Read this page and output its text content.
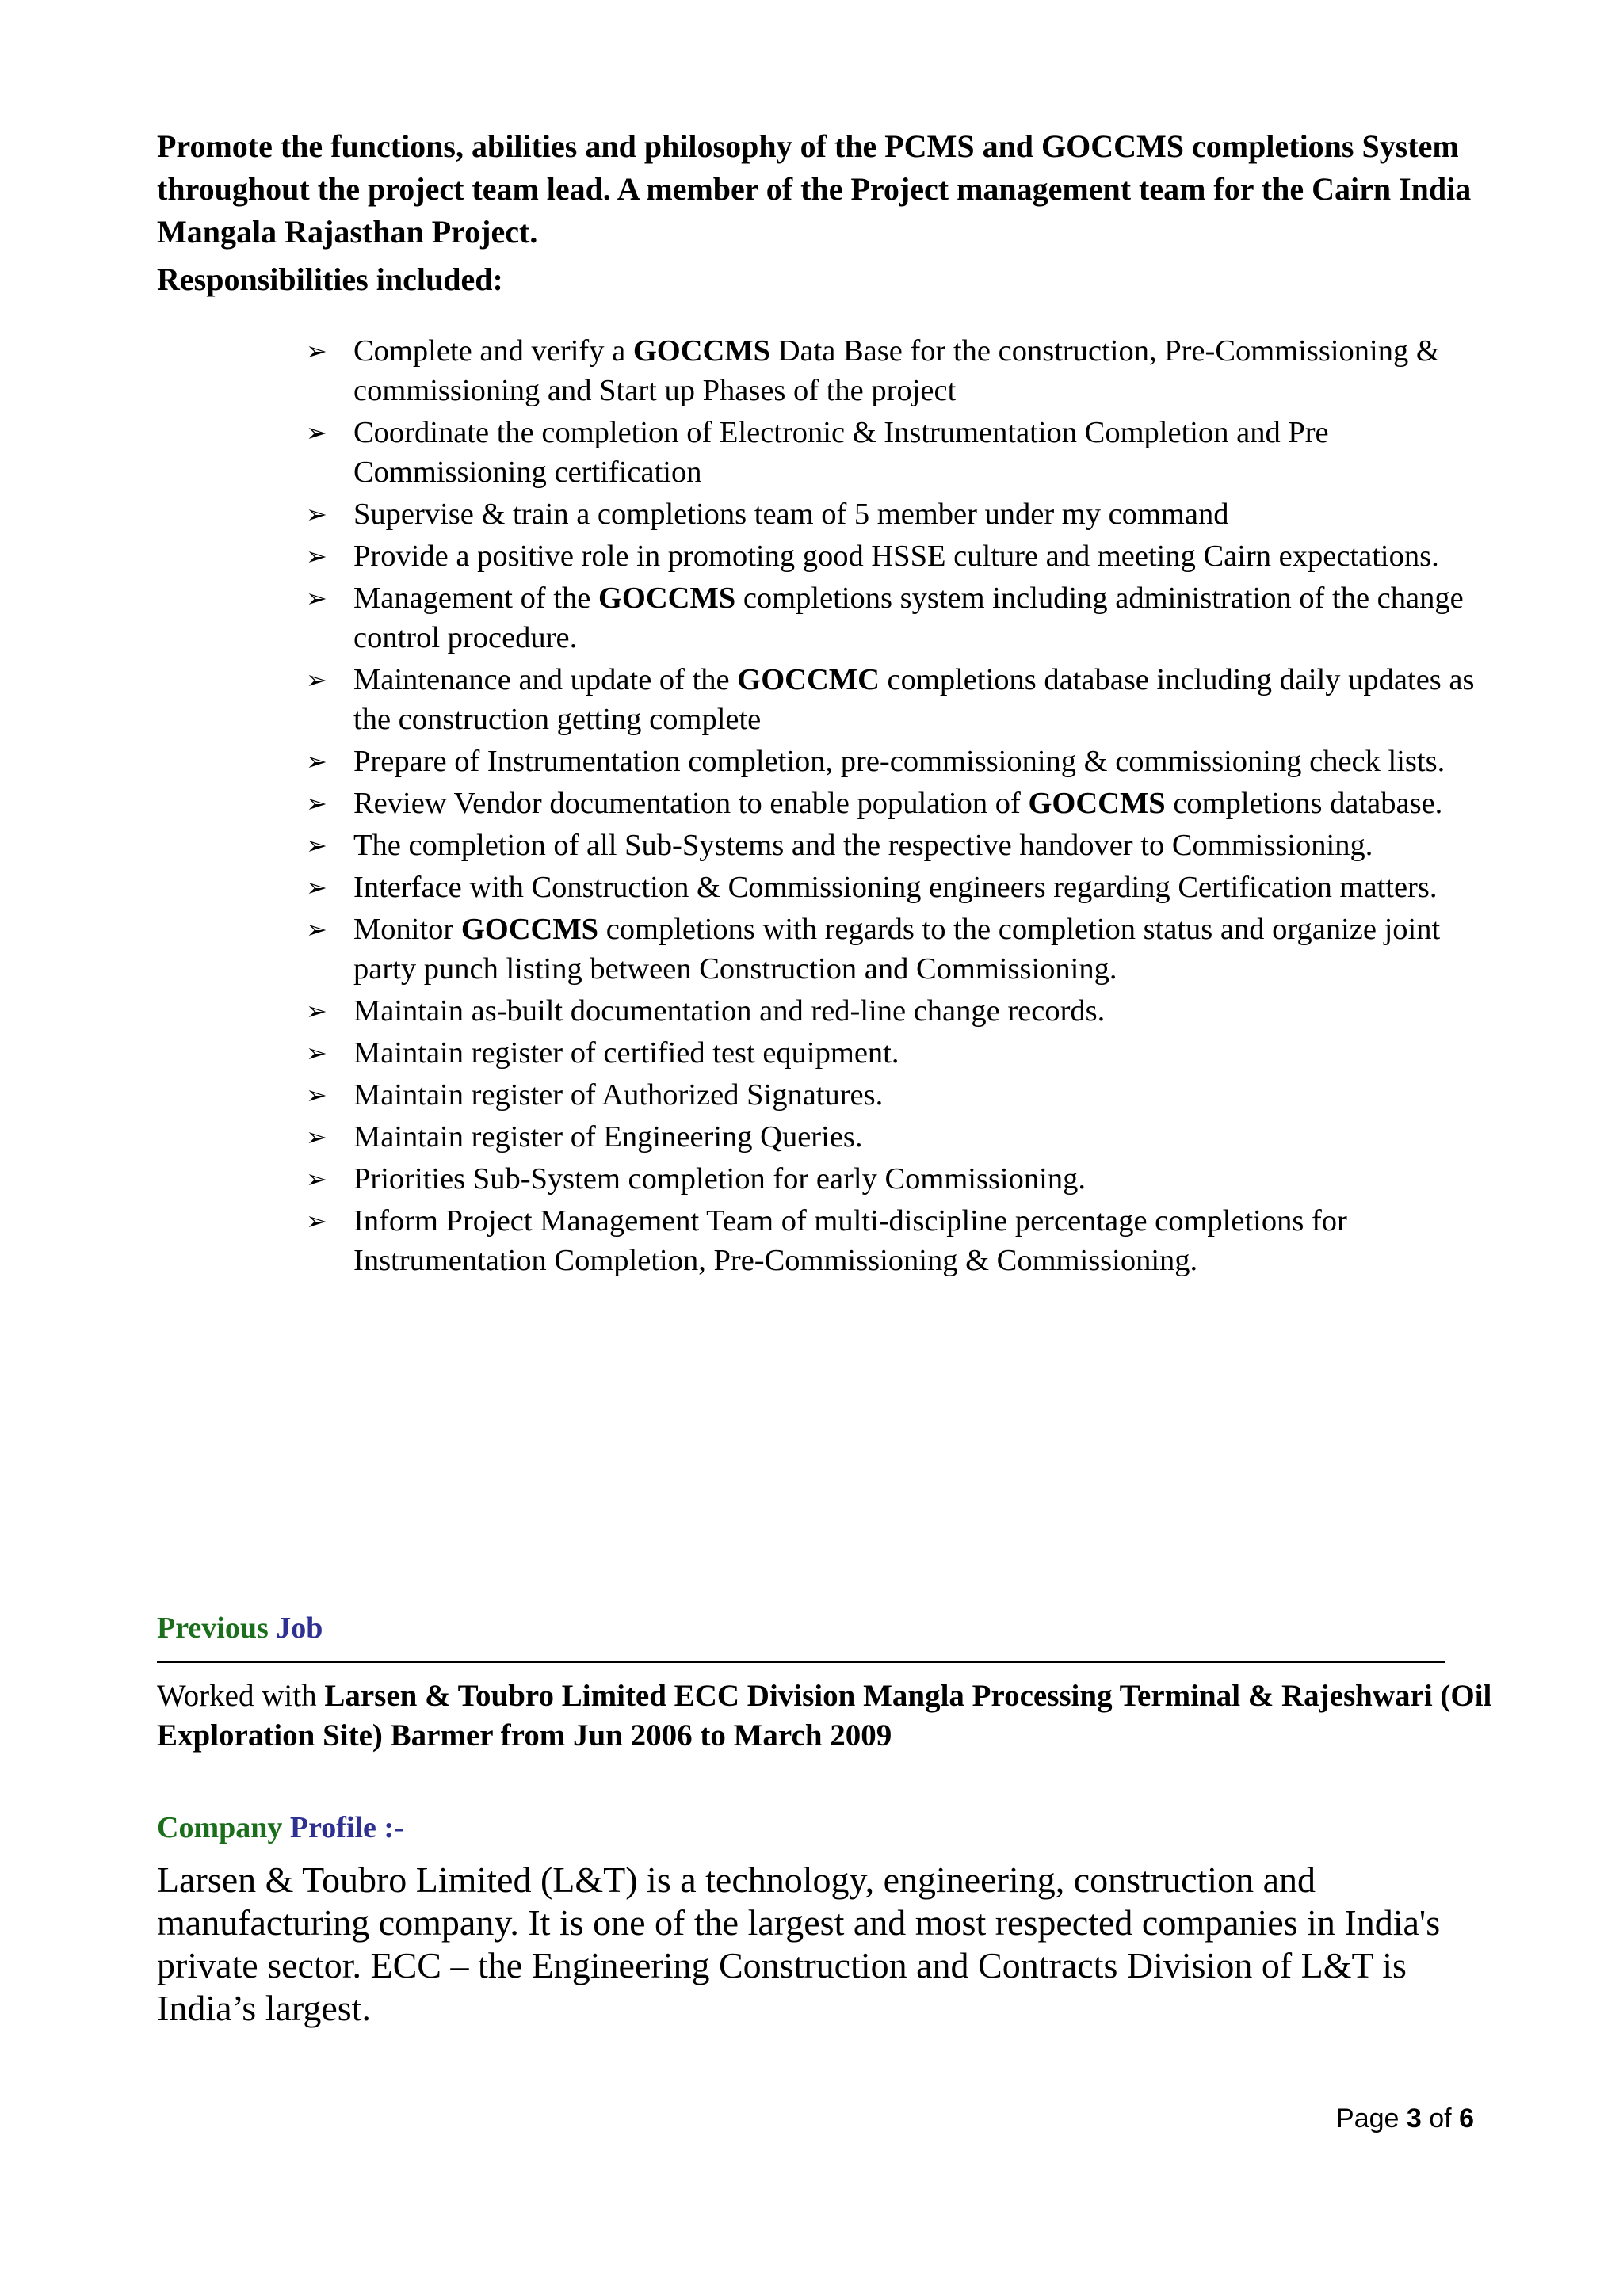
Promote the functions, abilities and philosophy of the PCMS and GOCCMS completions System throughout the project team lead. A member of the Project management team for the Cairn India Mangala Rajasthan Project.
Responsibilities included:
➢ Complete and verify a GOCCMS Data Base for the construction, Pre-Commissioning & commissioning and Start up Phases of the project
➢ Coordinate the completion of Electronic & Instrumentation Completion and Pre Commissioning certification
➢ Supervise & train a completions team of 5 member under my command
➢ Provide a positive role in promoting good HSSE culture and meeting Cairn expectations.
➢ Management of the GOCCMS completions system including administration of the change control procedure.
➢ Maintenance and update of the GOCCMC completions database including daily updates as the construction getting complete
➢ Prepare of Instrumentation completion, pre-commissioning & commissioning check lists.
➢ Review Vendor documentation to enable population of GOCCMS completions database.
➢ The completion of all Sub-Systems and the respective handover to Commissioning.
➢ Interface with Construction & Commissioning engineers regarding Certification matters.
➢ Monitor GOCCMS completions with regards to the completion status and organize joint party punch listing between Construction and Commissioning.
➢ Maintain as-built documentation and red-line change records.
➢ Maintain register of certified test equipment.
➢ Maintain register of Authorized Signatures.
➢ Maintain register of Engineering Queries.
➢ Priorities Sub-System completion for early Commissioning.
➢ Inform Project Management Team of multi-discipline percentage completions for Instrumentation Completion, Pre-Commissioning & Commissioning.
Previous Job
Worked with Larsen & Toubro Limited ECC Division Mangla Processing Terminal & Rajeshwari (Oil Exploration Site) Barmer from Jun 2006 to March 2009
Company Profile :-
Larsen & Toubro Limited (L&T) is a technology, engineering, construction and manufacturing company. It is one of the largest and most respected companies in India's private sector. ECC – the Engineering Construction and Contracts Division of L&T is India’s largest.
Page 3 of 6
